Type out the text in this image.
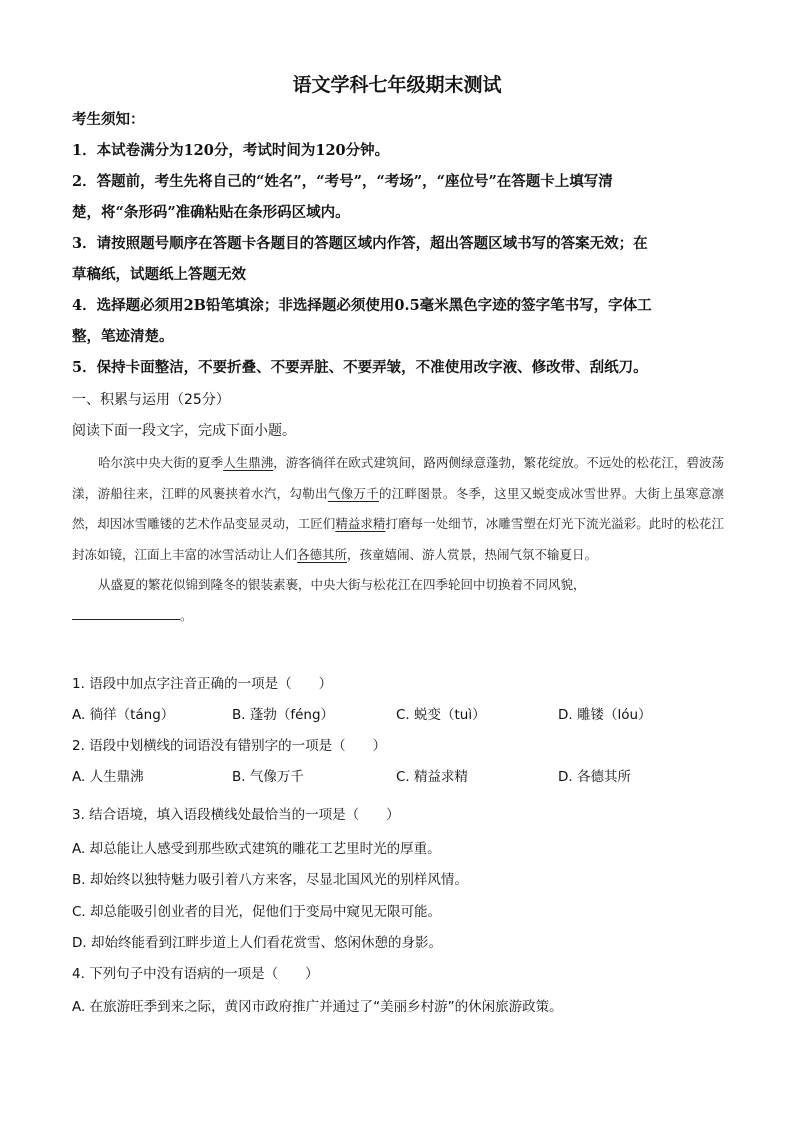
语文学科七年级期末测试

考生须知：

1．本试卷满分为120分，考试时间为120分钟。

2．答题前，考生先将自己的“姓名”，“考号”，“考场”，“座位号”在答题卡上填写清

楚，将“条形码”准确粘贴在条形码区域内。

3．请按照题号顺序在答题卡各题目的答题区域内作答，超出答题区域书写的答案无效；在

草稿纸，试题纸上答题无效

4．选择题必须用2B铅笔填涂；非选择题必须使用0.5毫米黑色字迹的签字笔书写，字体工

整，笔迹清楚。

5．保持卡面整洁，不要折叠、不要弄脏、不要弄皱，不准使用改字液、修改带、刮纸刀。

一、积累与运用（25分）
阅读下面一段文字，完成下面小题。

哈尔滨中央大街的夏季人生鼎沸，游客徜徉在欧式建筑间，路两侧绿意蓬勃，繁花绽放。不远处的松花江，碧波荡漾，游船往来，江畔的风裹挟着水汽，勾勒出气像万千的江畔图景。冬季，这里又蜕变成冰雪世界。大街上虽寒意凛然，却因冰雪雕镂的艺术作品变显灵动，工匠们精益求精打磨每一处细节，冰雕雪塑在灯光下流光溢彩。此时的松花江封冻如镜，江面上丰富的冰雪活动让人们各德其所，孩童嬉闹、游人赏景，热闹气氛不输夏日。

从盛夏的繁花似锦到隆冬的银装素裹，中央大街与松花江在四季轮回中切换着不同风貌，

。

1. 语段中加点字注音正确的一项是（　　）
A. 徜徉（táng）	B. 蓬勃（féng）	C. 蜕变（tuì）	D. 雕镂（lóu）
2. 语段中划横线的词语没有错别字的一项是（　　）
A. 人生鼎沸	B. 气像万千	C. 精益求精	D. 各德其所
3. 结合语境，填入语段横线处最恰当的一项是（　　）
A. 却总能让人感受到那些欧式建筑的雕花工艺里时光的厚重。
B. 却始终以独特魅力吸引着八方来客，尽显北国风光的别样风情。
C. 却总能吸引创业者的目光，促他们于变局中窥见无限可能。
D. 却始终能看到江畔步道上人们看花赏雪、悠闲休憩的身影。
4. 下列句子中没有语病的一项是（　　）
A. 在旅游旺季到来之际，黄冈市政府推广并通过了“美丽乡村游”的休闲旅游政策。
